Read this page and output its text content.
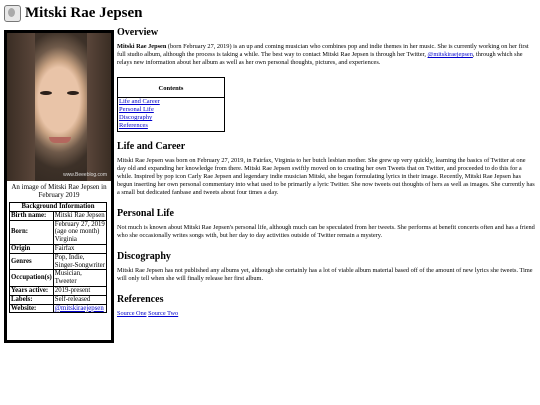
Mitski Rae Jepsen
www.Beeeblog.com
An image of Mitski Rae Jepsen in February 2019
Background Information	
Birth name:	Mitski Rae Jepsen
Born:	February 27, 2019 (age one month) Virginia
Origin	Fairfax
Genres	Pop, Indie, Singer-Songwriter
Occupation(s)	Musician, Tweeter
Years active:	2019-present
Labels:	Self-released
Website:	@mitskiraejepsen
Overview

Mitski Rae Jepsen (born February 27, 2019) is an up and coming musician who combines pop and indie themes in her music. She is currently working on her first full studio album, although the process is taking a while. The best way to contact Mitski Rae Jepsen is through her Twitter, @mitskiraejepsen, through which she relays new information about her album as well as her own personal thoughts, pictures, and experiences.

Contents
Life and Career
Personal Life
Discography
References
Life and Career

Mitski Rae Jepsen was born on February 27, 2019, in Fairfax, Virginia to her butch lesbian mother. She grew up very quickly, learning the basics of Twitter at one day old and expanding her knowledge from there. Mitski Rae Jepsen swiftly moved on to creating her own Tweets that on Twitter, and proceeded to do this for a while. Inspired by pop icon Carly Rae Jepsen and legendary indie musician Mitski, she began formulating lyrics in their image. Recently, Mitski Rae Jepsen has begun inserting her own personal commentary into what used to be primarily a lyric Twitter. She now tweets out thoughts of hers as well as images. She currently has a small but dedicated fanbase and tweets about four times a day.

Personal Life

Not much is known about Mitski Rae Jepsen's personal life, although much can be speculated from her tweets. She performs at benefit concerts often and has a friend who she occasionally writes songs with, but her day to day activities outside of Twitter remain a mystery.

Discography

Mitski Rae Jepsen has not published any albums yet, although she certainly has a lot of viable album material based off of the amount of new lyrics she tweets. Time will only tell when she will finally release her first album.

References

Source One Source Two
